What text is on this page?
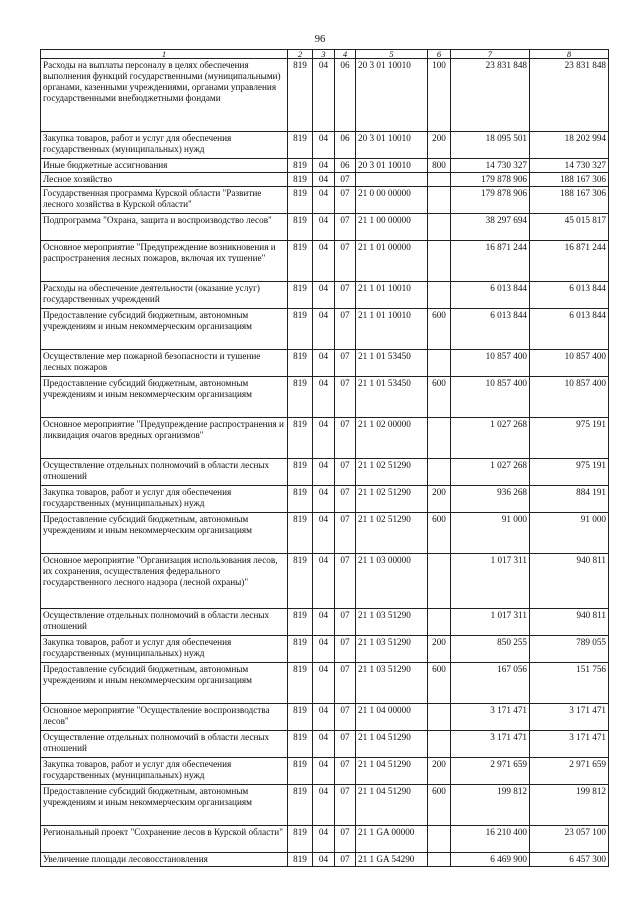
96
1	2	3	4	5	6	7	8
Расходы на выплаты персоналу в целях обеспечения выполнения функций государственными (муниципальными) органами, казенными учреждениями, органами управления государственными внебюджетными фондами	819	04	06	20 3 01 10010	100	23 831 848	23 831 848
Закупка товаров, работ и услуг для обеспечения государственных (муниципальных) нужд	819	04	06	20 3 01 10010	200	18 095 501	18 202 994
Иные бюджетные ассигнования	819	04	06	20 3 01 10010	800	14 730 327	14 730 327
Лесное хозяйство	819	04	07			179 878 906	188 167 306
Государственная программа Курской области "Развитие лесного хозяйства в Курской области"	819	04	07	21 0 00 00000		179 878 906	188 167 306
Подпрограмма "Охрана, защита и воспроизводство лесов"	819	04	07	21 1 00 00000		38 297 694	45 015 817
Основное мероприятие "Предупреждение возникновения и распространения лесных пожаров, включая их тушение"	819	04	07	21 1 01 00000		16 871 244	16 871 244
Расходы на обеспечение деятельности (оказание услуг) государственных учреждений	819	04	07	21 1 01 10010		6 013 844	6 013 844
Предоставление субсидий бюджетным, автономным учреждениям и иным некоммерческим организациям	819	04	07	21 1 01 10010	600	6 013 844	6 013 844
Осуществление мер пожарной безопасности и тушение лесных пожаров	819	04	07	21 1 01 53450		10 857 400	10 857 400
Предоставление субсидий бюджетным, автономным учреждениям и иным некоммерческим организациям	819	04	07	21 1 01 53450	600	10 857 400	10 857 400
Основное мероприятие "Предупреждение распространения и ликвидация очагов вредных организмов"	819	04	07	21 1 02 00000		1 027 268	975 191
Осуществление отдельных полномочий в области лесных отношений	819	04	07	21 1 02 51290		1 027 268	975 191
Закупка товаров, работ и услуг для обеспечения государственных (муниципальных) нужд	819	04	07	21 1 02 51290	200	936 268	884 191
Предоставление субсидий бюджетным, автономным учреждениям и иным некоммерческим организациям	819	04	07	21 1 02 51290	600	91 000	91 000
Основное мероприятие "Организация использования лесов, их сохранения, осуществления федерального государственного лесного надзора (лесной охраны)"	819	04	07	21 1 03 00000		1 017 311	940 811
Осуществление отдельных полномочий в области лесных отношений	819	04	07	21 1 03 51290		1 017 311	940 811
Закупка товаров, работ и услуг для обеспечения государственных (муниципальных) нужд	819	04	07	21 1 03 51290	200	850 255	789 055
Предоставление субсидий бюджетным, автономным учреждениям и иным некоммерческим организациям	819	04	07	21 1 03 51290	600	167 056	151 756
Основное мероприятие "Осуществление воспроизводства лесов"	819	04	07	21 1 04 00000		3 171 471	3 171 471
Осуществление отдельных полномочий в области лесных отношений	819	04	07	21 1 04 51290		3 171 471	3 171 471
Закупка товаров, работ и услуг для обеспечения государственных (муниципальных) нужд	819	04	07	21 1 04 51290	200	2 971 659	2 971 659
Предоставление субсидий бюджетным, автономным учреждениям и иным некоммерческим организациям	819	04	07	21 1 04 51290	600	199 812	199 812
Региональный проект "Сохранение лесов в Курской области"	819	04	07	21 1 GA 00000		16 210 400	23 057 100
Увеличение площади лесовосстановления	819	04	07	21 1 GA 54290		6 469 900	6 457 300
